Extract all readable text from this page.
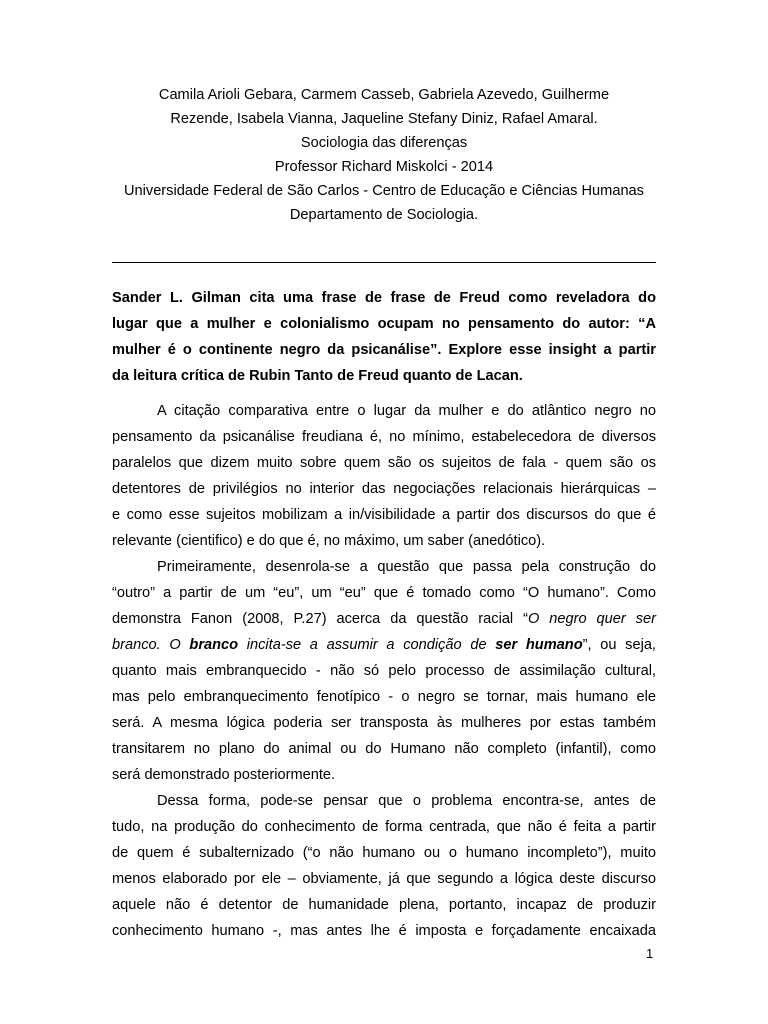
Camila Arioli Gebara, Carmem Casseb, Gabriela Azevedo, Guilherme
Rezende, Isabela Vianna, Jaqueline Stefany Diniz, Rafael Amaral.
Sociologia das diferenças
Professor Richard Miskolci - 2014
Universidade Federal de São Carlos - Centro de Educação e Ciências Humanas
Departamento de Sociologia.
Sander L. Gilman cita uma frase de frase de Freud como reveladora do
lugar que a mulher e colonialismo ocupam no pensamento do autor: “A
mulher é o continente negro da psicanálise”. Explore esse insight a partir
da leitura crítica de Rubin Tanto de Freud quanto de Lacan.
A citação comparativa entre o lugar da mulher e do atlântico negro no
pensamento da psicanálise freudiana é, no mínimo, estabelecedora de diversos
paralelos que dizem muito sobre quem são os sujeitos de fala - quem são os
detentores de privilégios no interior das negociações relacionais hierárquicas –
e como esse sujeitos mobilizam a in/visibilidade a partir dos discursos do que é
relevante (cientifico) e do que é, no máximo, um saber (anedótico).
Primeiramente, desenrola-se a questão que passa pela construção do
“outro” a partir de um “eu”, um “eu” que é tomado como “O humano”. Como
demonstra Fanon (2008, P.27) acerca da questão racial “O negro quer ser
branco. O branco incita-se a assumir a condição de ser humano”, ou seja,
quanto mais embranquecido - não só pelo processo de assimilação cultural,
mas pelo embranquecimento fenotípico - o negro se tornar, mais humano ele
será. A mesma lógica poderia ser transposta às mulheres por estas também
transitarem no plano do animal ou do Humano não completo (infantil), como
será demonstrado posteriormente.
Dessa forma, pode-se pensar que o problema encontra-se, antes de
tudo, na produção do conhecimento de forma centrada, que não é feita a partir
de quem é subalternizado (“o não humano ou o humano incompleto”), muito
menos elaborado por ele – obviamente, já que segundo a lógica deste discurso
aquele não é detentor de humanidade plena, portanto, incapaz de produzir
conhecimento humano -, mas antes lhe é imposta e forçadamente encaixada
1
